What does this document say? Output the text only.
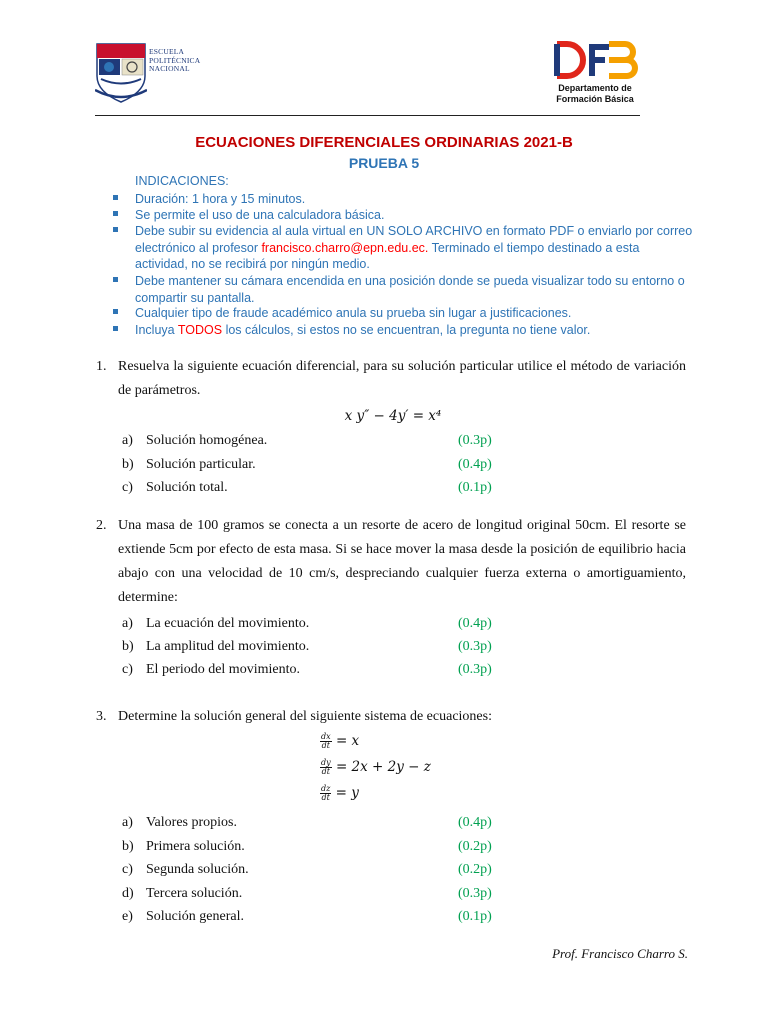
ESCUELA
POLITÉCNICA
NACIONAL
Departamento de
Formación Básica
ECUACIONES DIFERENCIALES ORDINARIAS 2021-B
PRUEBA 5
INDICACIONES:
Duración: 1 hora y 15 minutos.
Se permite el uso de una calculadora básica.
Debe subir su evidencia al aula virtual en UN SOLO ARCHIVO en formato PDF o enviarlo por correo electrónico al profesor francisco.charro@epn.edu.ec. Terminado el tiempo destinado a esta actividad, no se recibirá por ningún medio.
Debe mantener su cámara encendida en una posición donde se pueda visualizar todo su entorno o compartir su pantalla.
Cualquier tipo de fraude académico anula su prueba sin lugar a justificaciones.
Incluya TODOS los cálculos, si estos no se encuentran, la pregunta no tiene valor.
1. Resuelva la siguiente ecuación diferencial, para su solución particular utilice el método de variación de parámetros.
x y″ − 4y′ = x⁴
a) Solución homogénea.	(0.3p)
b) Solución particular.	(0.4p)
c) Solución total.	(0.1p)
2. Una masa de 100 gramos se conecta a un resorte de acero de longitud original 50cm. El resorte se extiende 5cm por efecto de esta masa. Si se hace mover la masa desde la posición de equilibrio hacia abajo con una velocidad de 10 cm/s, despreciando cualquier fuerza externa o amortiguamiento, determine:
a) La ecuación del movimiento.	(0.4p)
b) La amplitud del movimiento.	(0.3p)
c) El periodo del movimiento.	(0.3p)
3. Determine la solución general del siguiente sistema de ecuaciones:
$\frac{dx}{dt} = x$
$\frac{dy}{dt} = 2x + 2y - z$
$\frac{dz}{dt} = y$
a) Valores propios.	(0.4p)
b) Primera solución.	(0.2p)
c) Segunda solución.	(0.2p)
d) Tercera solución.	(0.3p)
e) Solución general.	(0.1p)
Prof. Francisco Charro S.
